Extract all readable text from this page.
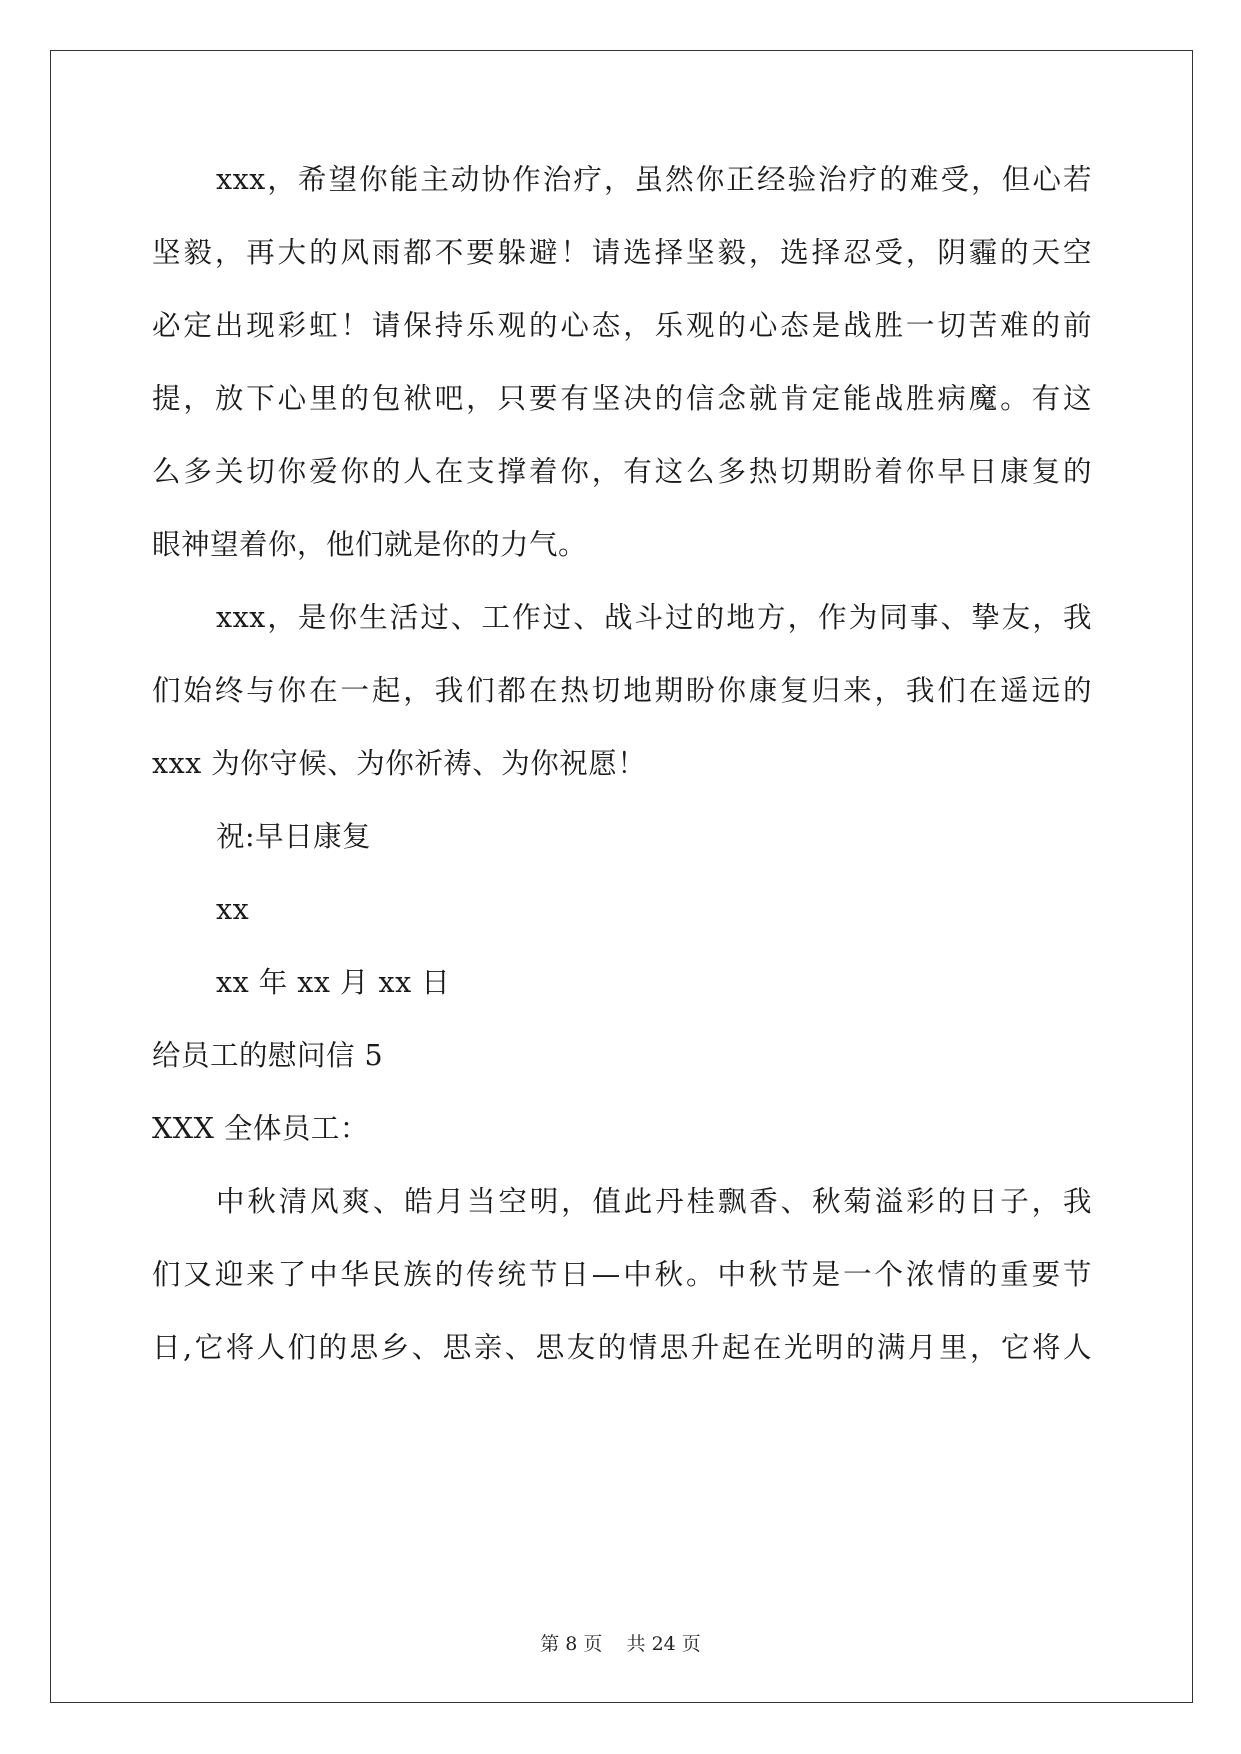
xxx，希望你能主动协作治疗，虽然你正经验治疗的难受，但心若
坚毅，再大的风雨都不要躲避！请选择坚毅，选择忍受，阴霾的天空
必定出现彩虹！请保持乐观的心态，乐观的心态是战胜一切苦难的前
提，放下心里的包袱吧，只要有坚决的信念就肯定能战胜病魔。有这
么多关切你爱你的人在支撑着你，有这么多热切期盼着你早日康复的
眼神望着你，他们就是你的力气。
xxx，是你生活过、工作过、战斗过的地方，作为同事、挚友，我
们始终与你在一起，我们都在热切地期盼你康复归来，我们在遥远的
xxx 为你守候、为你祈祷、为你祝愿！
祝:早日康复
xx
xx 年 xx 月 xx 日
给员工的慰问信 5
XXX 全体员工：
中秋清风爽、皓月当空明，值此丹桂飘香、秋菊溢彩的日子，我
们又迎来了中华民族的传统节日—中秋。中秋节是一个浓情的重要节
日,它将人们的思乡、思亲、思友的情思升起在光明的满月里，它将人
第 8 页 共 24 页
